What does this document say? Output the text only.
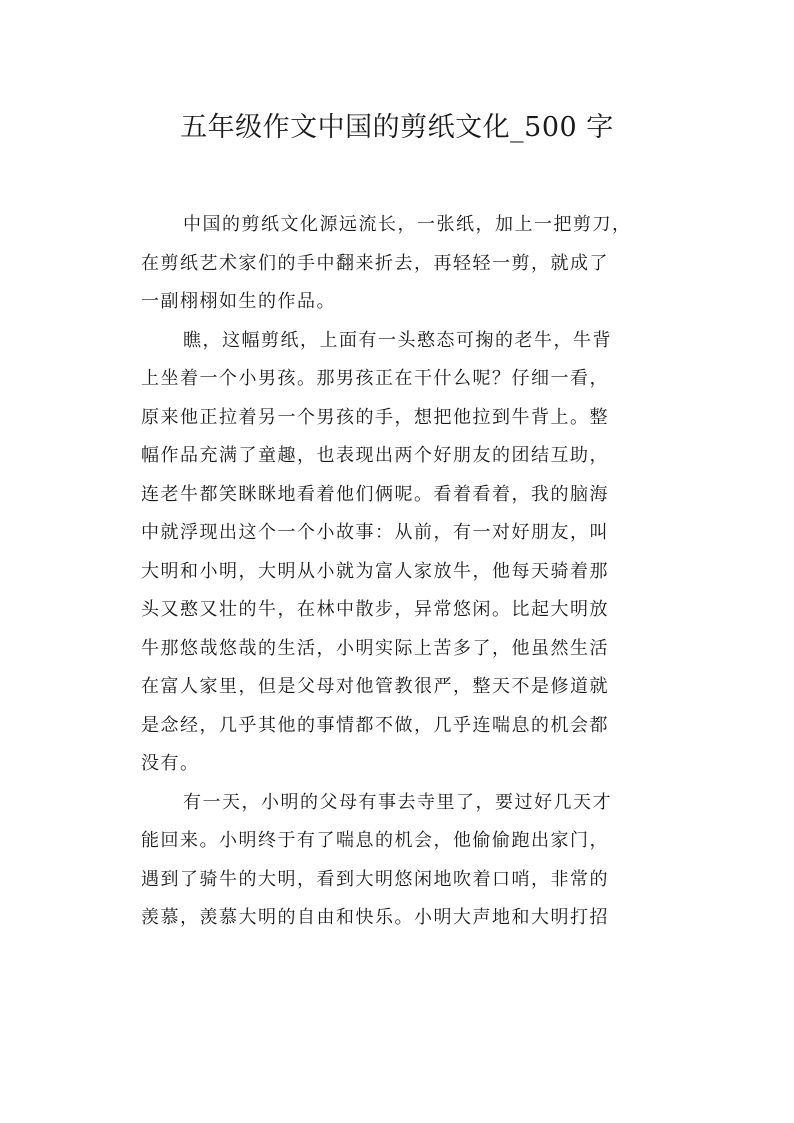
五年级作文中国的剪纸文化_500 字
中国的剪纸文化源远流长，一张纸，加上一把剪刀，
在剪纸艺术家们的手中翻来折去，再轻轻一剪，就成了
一副栩栩如生的作品。
瞧，这幅剪纸，上面有一头憨态可掬的老牛，牛背
上坐着一个小男孩。那男孩正在干什么呢？仔细一看，
原来他正拉着另一个男孩的手，想把他拉到牛背上。整
幅作品充满了童趣，也表现出两个好朋友的团结互助，
连老牛都笑眯眯地看着他们俩呢。看着看着，我的脑海
中就浮现出这个一个小故事：从前，有一对好朋友，叫
大明和小明，大明从小就为富人家放牛，他每天骑着那
头又憨又壮的牛，在林中散步，异常悠闲。比起大明放
牛那悠哉悠哉的生活，小明实际上苦多了，他虽然生活
在富人家里，但是父母对他管教很严，整天不是修道就
是念经，几乎其他的事情都不做，几乎连喘息的机会都
没有。
有一天，小明的父母有事去寺里了，要过好几天才
能回来。小明终于有了喘息的机会，他偷偷跑出家门，
遇到了骑牛的大明，看到大明悠闲地吹着口哨，非常的
羡慕，羡慕大明的自由和快乐。小明大声地和大明打招
